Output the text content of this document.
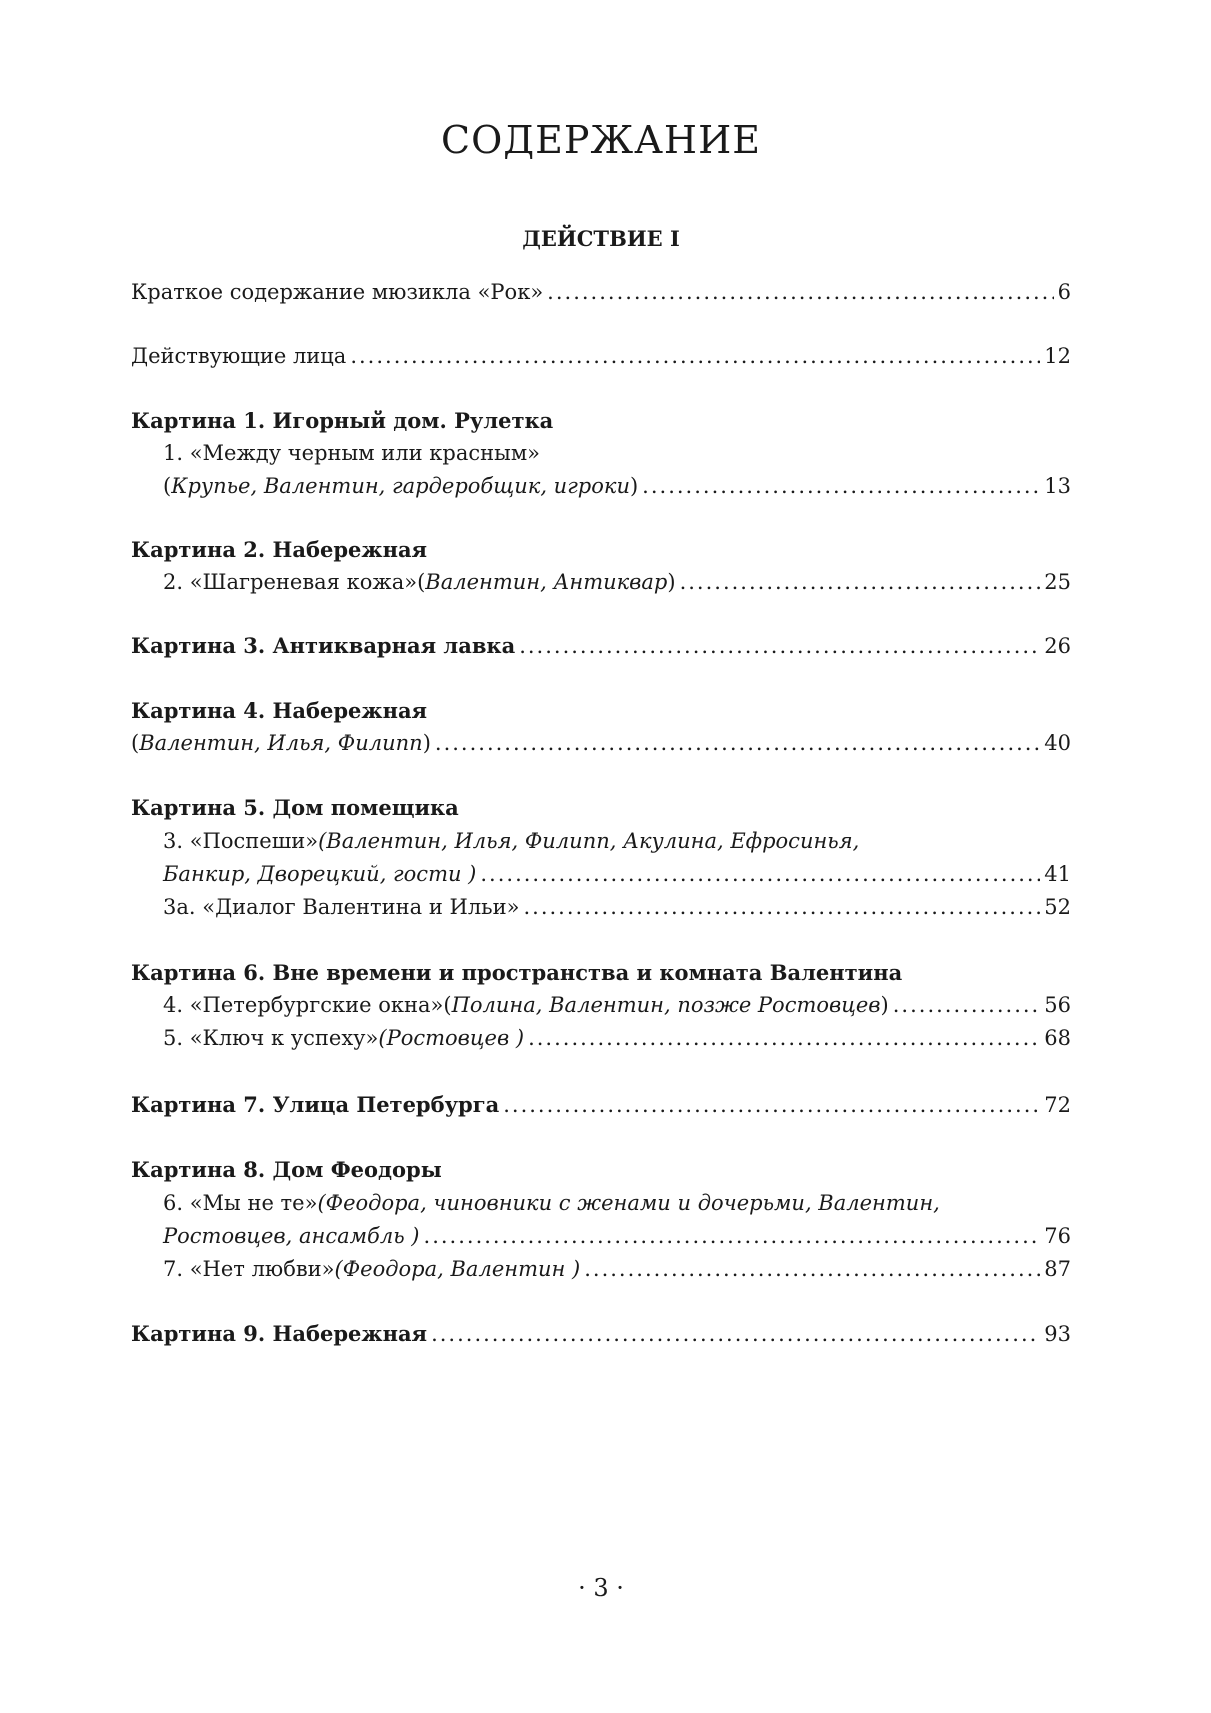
СОДЕРЖАНИЕ
ДЕЙСТВИЕ I
Краткое содержание мюзикла «Рок» .....	6
Действующие лица .....	12
Картина 1. Игорный дом. Рулетка
1. «Между черным или красным»
( Крупье, Валентин, гардеробщик, игроки ) .....	13
Картина 2. Набережная
2. «Шагреневая кожа» ( Валентин, Антиквар ) .....	25
Картина 3. Антикварная лавка .....	26
Картина 4. Набережная
( Валентин, Илья, Филипп ) .....	40
Картина 5. Дом помещика
3. «Поспеши» (Валентин, Илья, Филипп, Акулина, Ефросинья,
Банкир, Дворецкий, гости ) .....	41
3а. «Диалог Валентина и Ильи» .....	52
Картина 6. Вне времени и пространства и комната Валентина
4. «Петербургские окна» ( Полина, Валентин, позже Ростовцев ) .....	56
5. «Ключ к успеху» (Ростовцев ) .....	68
Картина 7. Улица Петербурга .....	72
Картина 8. Дом Феодоры
6. «Мы не те» (Феодора, чиновники с женами и дочерьми, Валентин,
Ростовцев, ансамбль ) .....	76
7. «Нет любви» (Феодора, Валентин ) .....	87
Картина 9. Набережная .....	93
· 3 ·
